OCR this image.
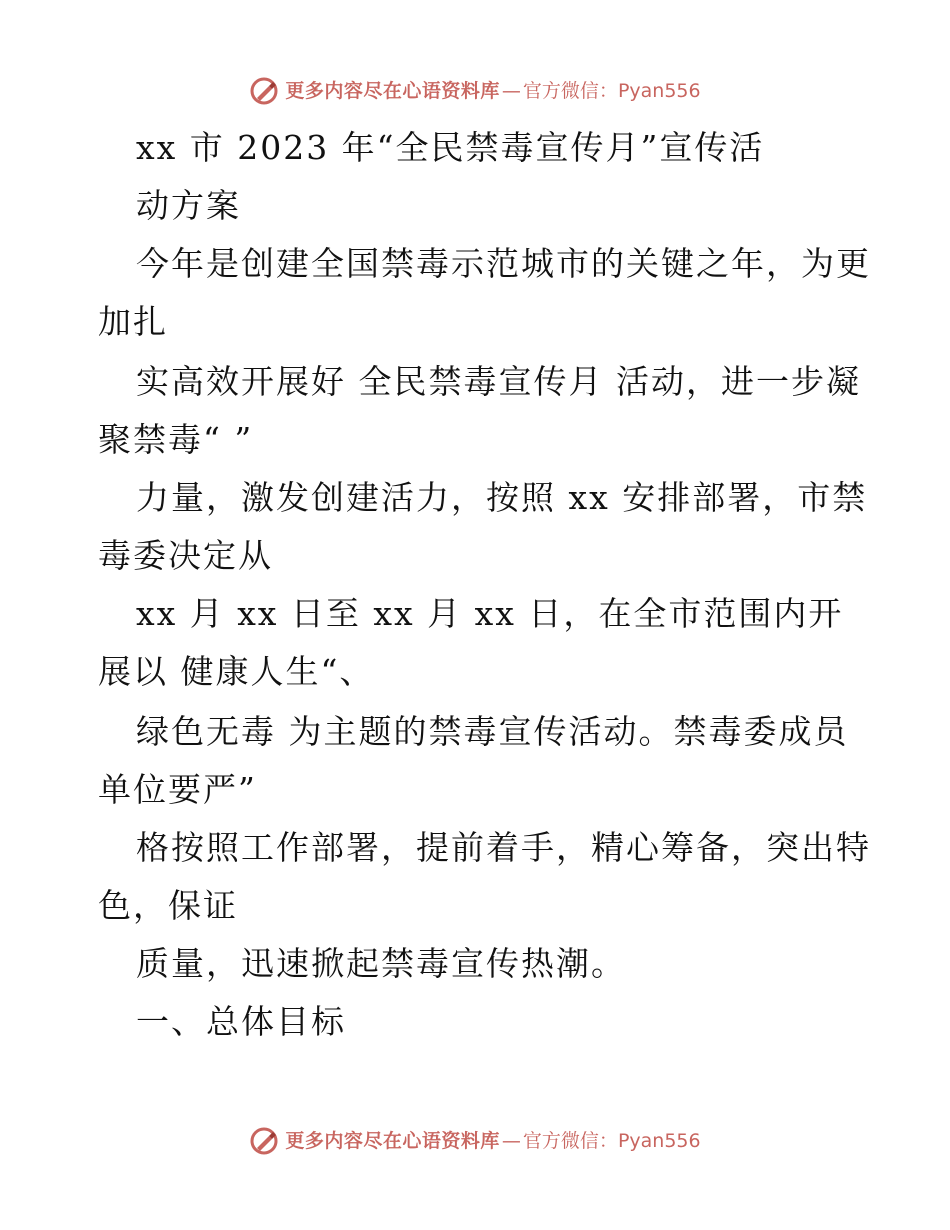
更多内容尽在心语资料库 — 官方微信： Pyan556

xx 市 2023 年“全民禁毒宣传月”宣传活

动方案

今年是创建全国禁毒示范城市的关键之年，为更

加扎

实高效开展好 全民禁毒宣传月 活动，进一步凝

聚禁毒“ ”

力量，激发创建活力，按照 xx 安排部署，市禁

毒委决定从

xx 月 xx 日至 xx 月 xx 日，在全市范围内开

展以 健康人生“、

绿色无毒 为主题的禁毒宣传活动。禁毒委成员

单位要严”

格按照工作部署，提前着手，精心筹备，突出特

色，保证

质量，迅速掀起禁毒宣传热潮。

一、总体目标

更多内容尽在心语资料库 — 官方微信： Pyan556
